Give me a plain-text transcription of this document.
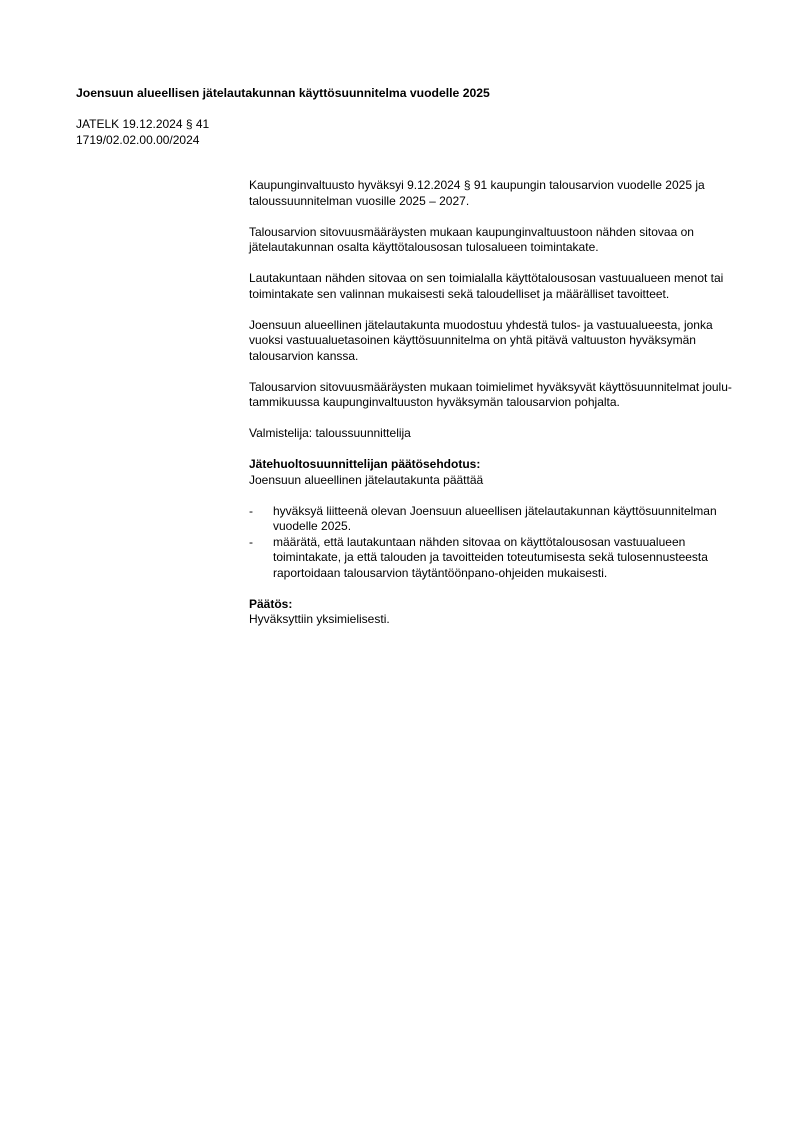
Joensuun alueellisen jätelautakunnan käyttösuunnitelma vuodelle 2025
JATELK 19.12.2024 § 41
1719/02.02.00.00/2024

Kaupunginvaltuusto hyväksyi 9.12.2024 § 91 kaupungin talousarvion vuodelle 2025 ja taloussuunnitelman vuosille 2025 – 2027.

Talousarvion sitovuusmääräysten mukaan kaupunginvaltuustoon nähden sitovaa on jätelautakunnan osalta käyttötalousosan tulosalueen toimintakate.

Lautakuntaan nähden sitovaa on sen toimialalla käyttötalousosan vastuualueen menot tai toimintakate sen valinnan mukaisesti sekä taloudelliset ja määrälliset tavoitteet.

Joensuun alueellinen jätelautakunta muodostuu yhdestä tulos- ja vastuualueesta, jonka vuoksi vastuualuetasoinen käyttösuunnitelma on yhtä pitävä valtuuston hyväksymän talousarvion kanssa.

Talousarvion sitovuusmääräysten mukaan toimielimet hyväksyvät käyttösuunnitelmat joulu-tammikuussa kaupunginvaltuuston hyväksymän talousarvion pohjalta.

Valmistelija: taloussuunnittelija

Jätehuoltosuunnittelijan päätösehdotus:

Joensuun alueellinen jätelautakunta päättää

- hyväksyä liitteenä olevan Joensuun alueellisen jätelautakunnan käyttösuunnitelman vuodelle 2025.
- määrätä, että lautakuntaan nähden sitovaa on käyttötalousosan vastuualueen toimintakate, ja että talouden ja tavoitteiden toteutumisesta sekä tulosennusteesta raportoidaan talousarvion täytäntöönpano-ohjeiden mukaisesti.
Päätös:
Hyväksyttiin yksimielisesti.
